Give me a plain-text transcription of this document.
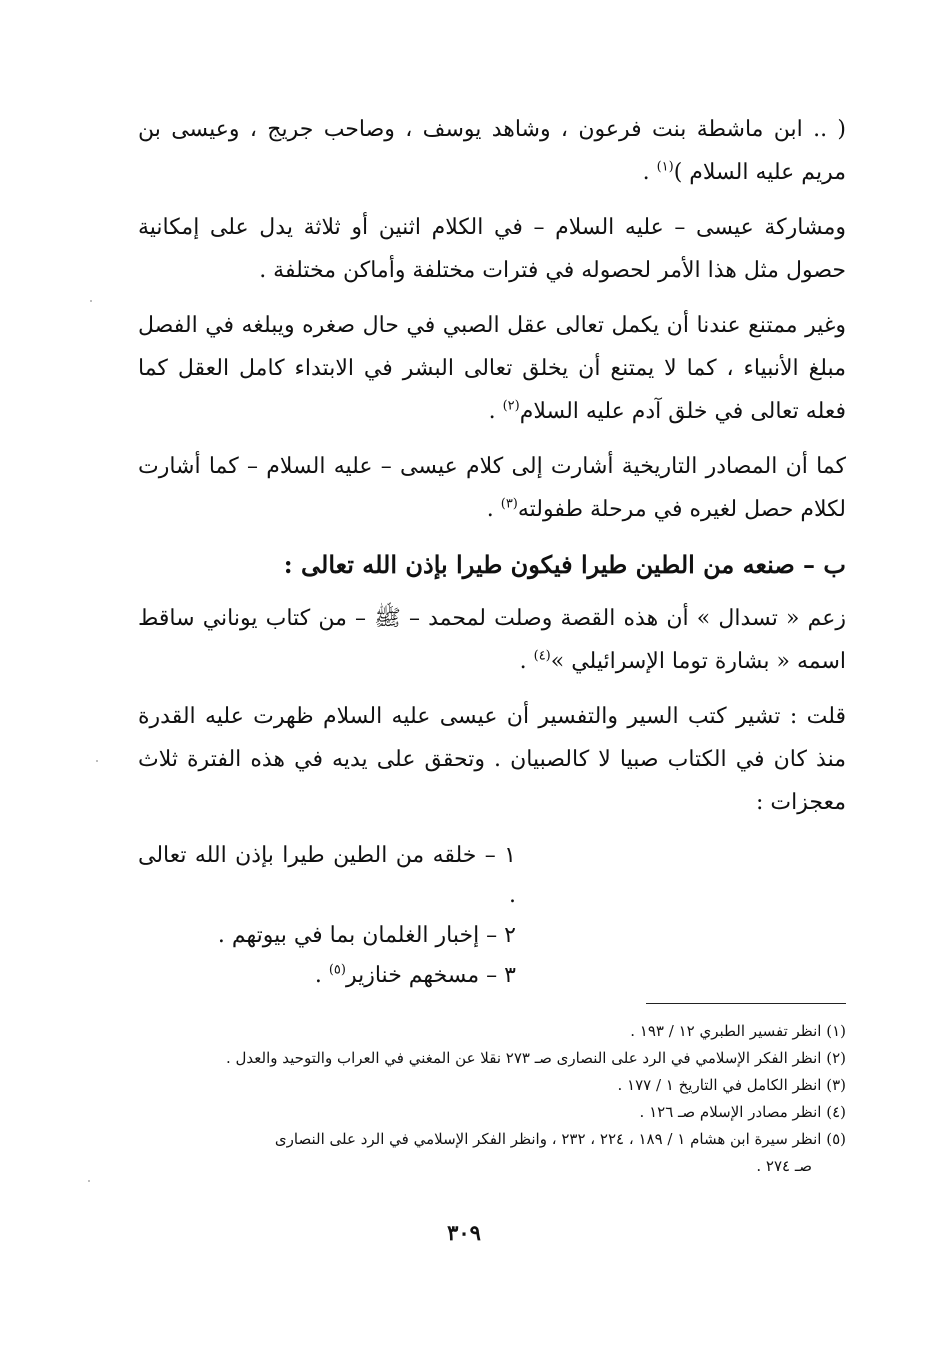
( .. ابن ماشطة بنت فرعون ، وشاهد يوسف ، وصاحب جريج ، وعيسى بن مريم عليه السلام )$^{(١)}$ .

ومشاركة عيسى – عليه السلام – في الكلام اثنين أو ثلاثة يدل على إمكانية حصول مثل هذا الأمر لحصوله في فترات مختلفة وأماكن مختلفة .

وغير ممتنع عندنا أن يكمل تعالى عقل الصبي في حال صغره ويبلغه في الفصل مبلغ الأنبياء ، كما لا يمتنع أن يخلق تعالى البشر في الابتداء كامل العقل كما فعله تعالى في خلق آدم عليه السلام$^{(٢)}$ .

كما أن المصادر التاريخية أشارت إلى كلام عيسى – عليه السلام – كما أشارت لكلام حصل لغيره في مرحلة طفولته$^{(٣)}$ .

ب – صنعه من الطين طيرا فيكون طيرا بإذن الله تعالى :

زعم « تسدال » أن هذه القصة وصلت لمحمد – ﷺ – من كتاب يوناني ساقط اسمه « بشارة توما الإسرائيلي »$^{(٤)}$ .

قلت : تشير كتب السير والتفسير أن عيسى عليه السلام ظهرت عليه القدرة منذ كان في الكتاب صبيا لا كالصبيان . وتحقق على يديه في هذه الفترة ثلاث معجزات :

١ – خلقه من الطين طيرا بإذن الله تعالى .
٢ – إخبار الغلمان بما في بيوتهم .
٣ – مسخهم خنازير$^{(٥)}$ .

(١) انظر تفسير الطبري ١٢ / ١٩٣ .

(٢) انظر الفكر الإسلامي في الرد على النصارى صـ ٢٧٣ نقلا عن المغني في العراب والتوحيد والعدل .

(٣) انظر الكامل في التاريخ ١ / ١٧٧ .

(٤) انظر مصادر الإسلام صـ ١٢٦ .

(٥) انظر سيرة ابن هشام ١ / ١٨٩ ، ٢٢٤ ، ٢٣٢ ، وانظر الفكر الإسلامي في الرد على النصارى
صـ ٢٧٤ .

٣٠٩
